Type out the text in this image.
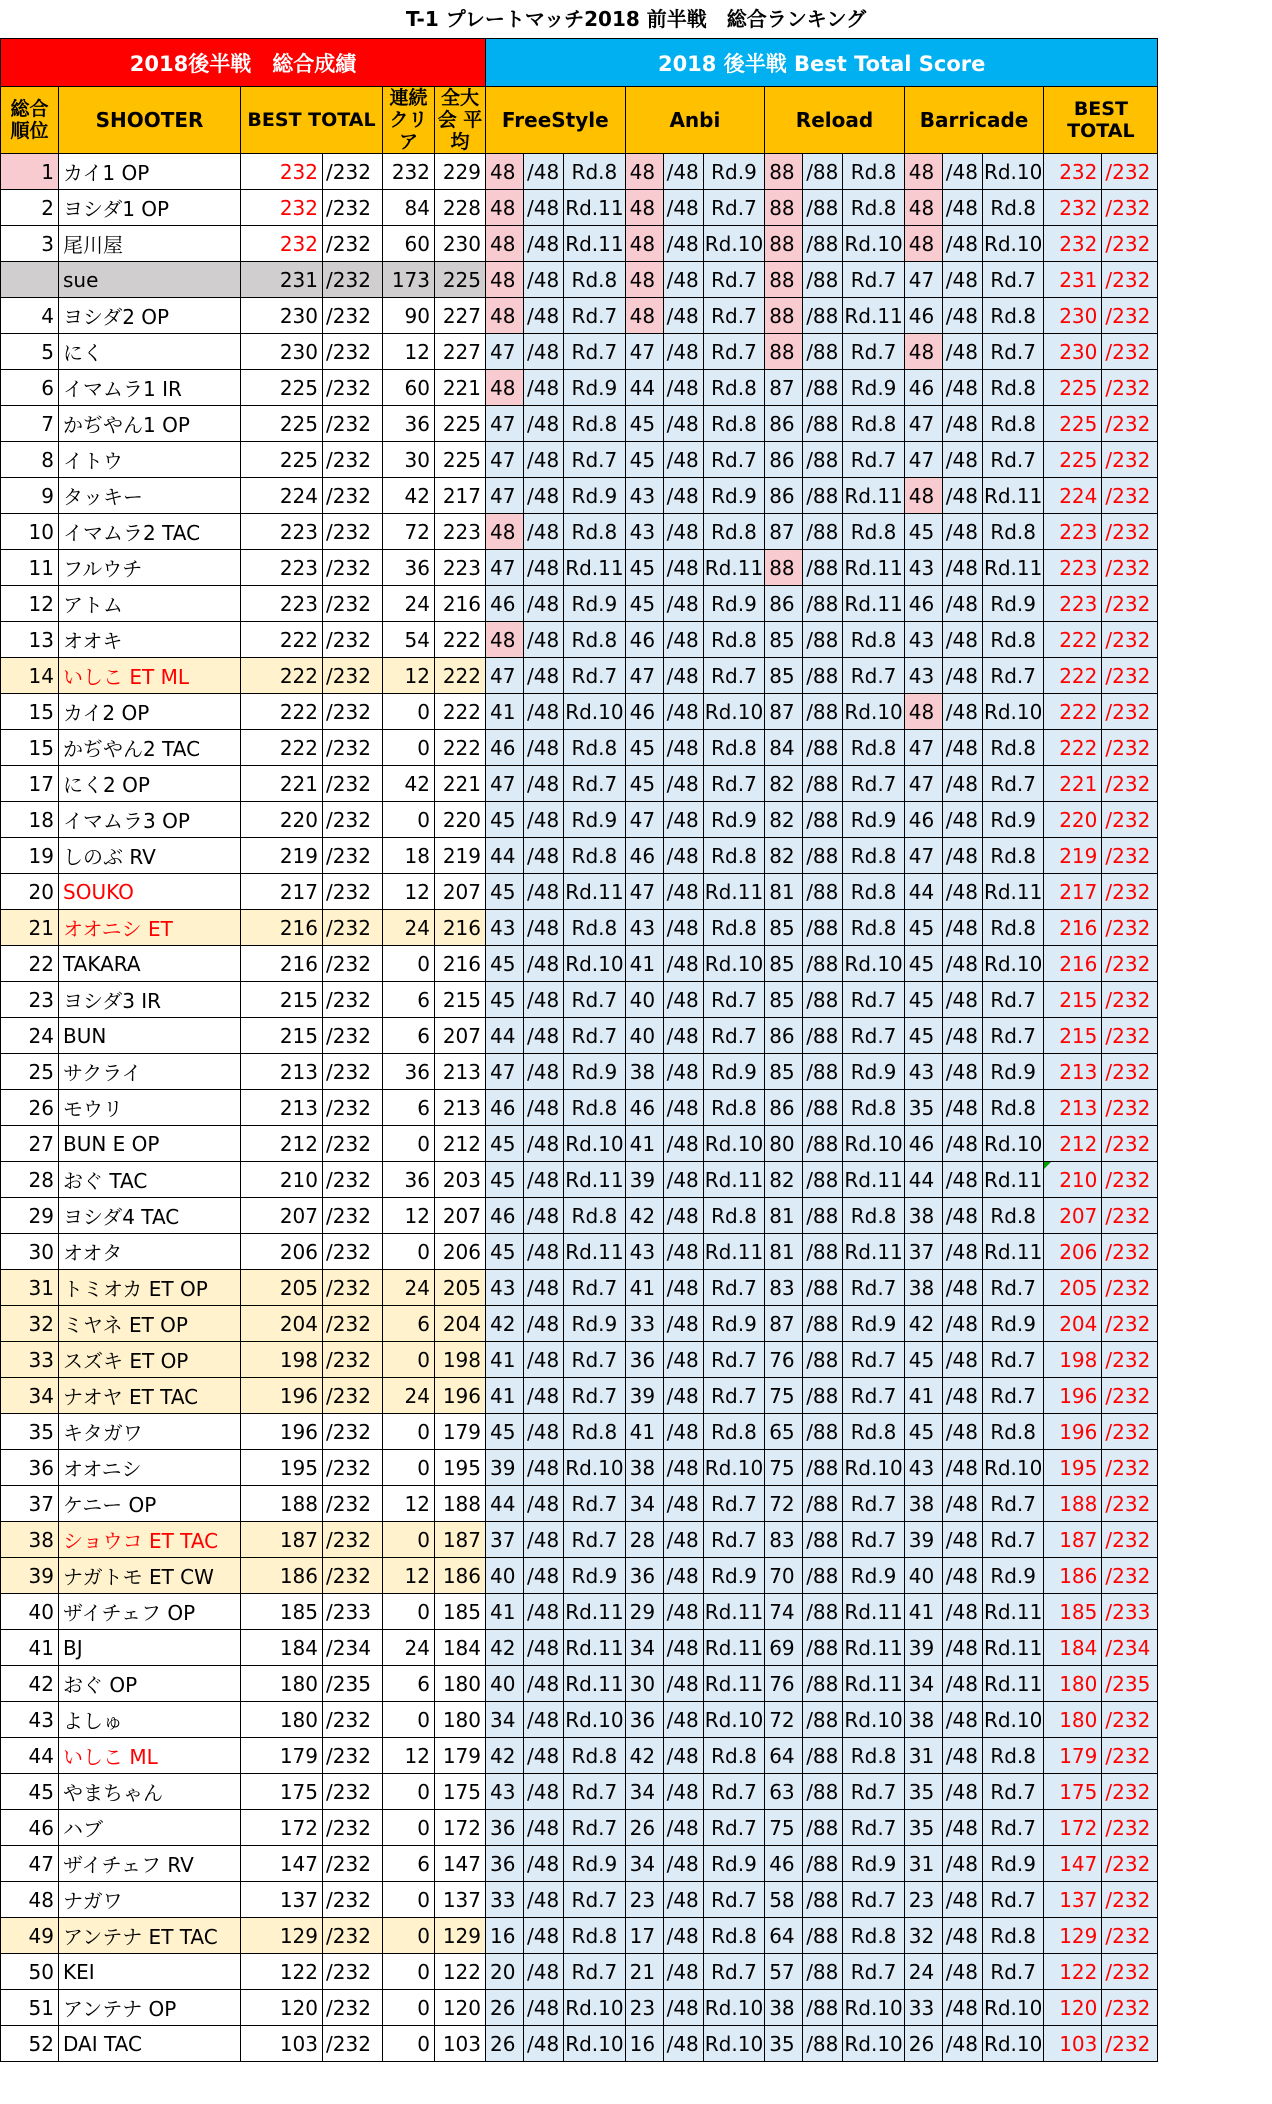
T-1 プレートマッチ2018 前半戦　総合ランキング
2018後半戦　総合成績						2018 後半戦 Best Total Score													
総合 順位	SHOOTER	BEST TOTAL		連続 クリア	全大会 平均	FreeStyle			Anbi			Reload			Barricade			BEST TOTAL	
1	カイ1 OP	232	/232	232	229	48	/48	Rd.8	48	/48	Rd.9	88	/88	Rd.8	48	/48	Rd.10	232	/232
2	ヨシダ1 OP	232	/232	84	228	48	/48	Rd.11	48	/48	Rd.7	88	/88	Rd.8	48	/48	Rd.8	232	/232
3	尾川屋	232	/232	60	230	48	/48	Rd.11	48	/48	Rd.10	88	/88	Rd.10	48	/48	Rd.10	232	/232
	sue	231	/232	173	225	48	/48	Rd.8	48	/48	Rd.7	88	/88	Rd.7	47	/48	Rd.7	231	/232
4	ヨシダ2 OP	230	/232	90	227	48	/48	Rd.7	48	/48	Rd.7	88	/88	Rd.11	46	/48	Rd.8	230	/232
5	にく	230	/232	12	227	47	/48	Rd.7	47	/48	Rd.7	88	/88	Rd.7	48	/48	Rd.7	230	/232
6	イマムラ1 IR	225	/232	60	221	48	/48	Rd.9	44	/48	Rd.8	87	/88	Rd.9	46	/48	Rd.8	225	/232
7	かぢやん1 OP	225	/232	36	225	47	/48	Rd.8	45	/48	Rd.8	86	/88	Rd.8	47	/48	Rd.8	225	/232
8	イトウ	225	/232	30	225	47	/48	Rd.7	45	/48	Rd.7	86	/88	Rd.7	47	/48	Rd.7	225	/232
9	タッキー	224	/232	42	217	47	/48	Rd.9	43	/48	Rd.9	86	/88	Rd.11	48	/48	Rd.11	224	/232
10	イマムラ2 TAC	223	/232	72	223	48	/48	Rd.8	43	/48	Rd.8	87	/88	Rd.8	45	/48	Rd.8	223	/232
11	フルウチ	223	/232	36	223	47	/48	Rd.11	45	/48	Rd.11	88	/88	Rd.11	43	/48	Rd.11	223	/232
12	アトム	223	/232	24	216	46	/48	Rd.9	45	/48	Rd.9	86	/88	Rd.11	46	/48	Rd.9	223	/232
13	オオキ	222	/232	54	222	48	/48	Rd.8	46	/48	Rd.8	85	/88	Rd.8	43	/48	Rd.8	222	/232
14	いしこ ET ML	222	/232	12	222	47	/48	Rd.7	47	/48	Rd.7	85	/88	Rd.7	43	/48	Rd.7	222	/232
15	カイ2 OP	222	/232	0	222	41	/48	Rd.10	46	/48	Rd.10	87	/88	Rd.10	48	/48	Rd.10	222	/232
15	かぢやん2 TAC	222	/232	0	222	46	/48	Rd.8	45	/48	Rd.8	84	/88	Rd.8	47	/48	Rd.8	222	/232
17	にく2 OP	221	/232	42	221	47	/48	Rd.7	45	/48	Rd.7	82	/88	Rd.7	47	/48	Rd.7	221	/232
18	イマムラ3 OP	220	/232	0	220	45	/48	Rd.9	47	/48	Rd.9	82	/88	Rd.9	46	/48	Rd.9	220	/232
19	しのぶ RV	219	/232	18	219	44	/48	Rd.8	46	/48	Rd.8	82	/88	Rd.8	47	/48	Rd.8	219	/232
20	SOUKO	217	/232	12	207	45	/48	Rd.11	47	/48	Rd.11	81	/88	Rd.8	44	/48	Rd.11	217	/232
21	オオニシ ET	216	/232	24	216	43	/48	Rd.8	43	/48	Rd.8	85	/88	Rd.8	45	/48	Rd.8	216	/232
22	TAKARA	216	/232	0	216	45	/48	Rd.10	41	/48	Rd.10	85	/88	Rd.10	45	/48	Rd.10	216	/232
23	ヨシダ3 IR	215	/232	6	215	45	/48	Rd.7	40	/48	Rd.7	85	/88	Rd.7	45	/48	Rd.7	215	/232
24	BUN	215	/232	6	207	44	/48	Rd.7	40	/48	Rd.7	86	/88	Rd.7	45	/48	Rd.7	215	/232
25	サクライ	213	/232	36	213	47	/48	Rd.9	38	/48	Rd.9	85	/88	Rd.9	43	/48	Rd.9	213	/232
26	モウリ	213	/232	6	213	46	/48	Rd.8	46	/48	Rd.8	86	/88	Rd.8	35	/48	Rd.8	213	/232
27	BUN E OP	212	/232	0	212	45	/48	Rd.10	41	/48	Rd.10	80	/88	Rd.10	46	/48	Rd.10	212	/232
28	おぐ TAC	210	/232	36	203	45	/48	Rd.11	39	/48	Rd.11	82	/88	Rd.11	44	/48	Rd.11	210	/232
29	ヨシダ4 TAC	207	/232	12	207	46	/48	Rd.8	42	/48	Rd.8	81	/88	Rd.8	38	/48	Rd.8	207	/232
30	オオタ	206	/232	0	206	45	/48	Rd.11	43	/48	Rd.11	81	/88	Rd.11	37	/48	Rd.11	206	/232
31	トミオカ ET OP	205	/232	24	205	43	/48	Rd.7	41	/48	Rd.7	83	/88	Rd.7	38	/48	Rd.7	205	/232
32	ミヤネ ET OP	204	/232	6	204	42	/48	Rd.9	33	/48	Rd.9	87	/88	Rd.9	42	/48	Rd.9	204	/232
33	スズキ ET OP	198	/232	0	198	41	/48	Rd.7	36	/48	Rd.7	76	/88	Rd.7	45	/48	Rd.7	198	/232
34	ナオヤ ET TAC	196	/232	24	196	41	/48	Rd.7	39	/48	Rd.7	75	/88	Rd.7	41	/48	Rd.7	196	/232
35	キタガワ	196	/232	0	179	45	/48	Rd.8	41	/48	Rd.8	65	/88	Rd.8	45	/48	Rd.8	196	/232
36	オオニシ	195	/232	0	195	39	/48	Rd.10	38	/48	Rd.10	75	/88	Rd.10	43	/48	Rd.10	195	/232
37	ケニー OP	188	/232	12	188	44	/48	Rd.7	34	/48	Rd.7	72	/88	Rd.7	38	/48	Rd.7	188	/232
38	ショウコ ET TAC	187	/232	0	187	37	/48	Rd.7	28	/48	Rd.7	83	/88	Rd.7	39	/48	Rd.7	187	/232
39	ナガトモ ET CW	186	/232	12	186	40	/48	Rd.9	36	/48	Rd.9	70	/88	Rd.9	40	/48	Rd.9	186	/232
40	ザイチェフ OP	185	/233	0	185	41	/48	Rd.11	29	/48	Rd.11	74	/88	Rd.11	41	/48	Rd.11	185	/233
41	BJ	184	/234	24	184	42	/48	Rd.11	34	/48	Rd.11	69	/88	Rd.11	39	/48	Rd.11	184	/234
42	おぐ OP	180	/235	6	180	40	/48	Rd.11	30	/48	Rd.11	76	/88	Rd.11	34	/48	Rd.11	180	/235
43	よしゅ	180	/232	0	180	34	/48	Rd.10	36	/48	Rd.10	72	/88	Rd.10	38	/48	Rd.10	180	/232
44	いしこ ML	179	/232	12	179	42	/48	Rd.8	42	/48	Rd.8	64	/88	Rd.8	31	/48	Rd.8	179	/232
45	やまちゃん	175	/232	0	175	43	/48	Rd.7	34	/48	Rd.7	63	/88	Rd.7	35	/48	Rd.7	175	/232
46	ハブ	172	/232	0	172	36	/48	Rd.7	26	/48	Rd.7	75	/88	Rd.7	35	/48	Rd.7	172	/232
47	ザイチェフ RV	147	/232	6	147	36	/48	Rd.9	34	/48	Rd.9	46	/88	Rd.9	31	/48	Rd.9	147	/232
48	ナガワ	137	/232	0	137	33	/48	Rd.7	23	/48	Rd.7	58	/88	Rd.7	23	/48	Rd.7	137	/232
49	アンテナ ET TAC	129	/232	0	129	16	/48	Rd.8	17	/48	Rd.8	64	/88	Rd.8	32	/48	Rd.8	129	/232
50	KEI	122	/232	0	122	20	/48	Rd.7	21	/48	Rd.7	57	/88	Rd.7	24	/48	Rd.7	122	/232
51	アンテナ OP	120	/232	0	120	26	/48	Rd.10	23	/48	Rd.10	38	/88	Rd.10	33	/48	Rd.10	120	/232
52	DAI TAC	103	/232	0	103	26	/48	Rd.10	16	/48	Rd.10	35	/88	Rd.10	26	/48	Rd.10	103	/232
